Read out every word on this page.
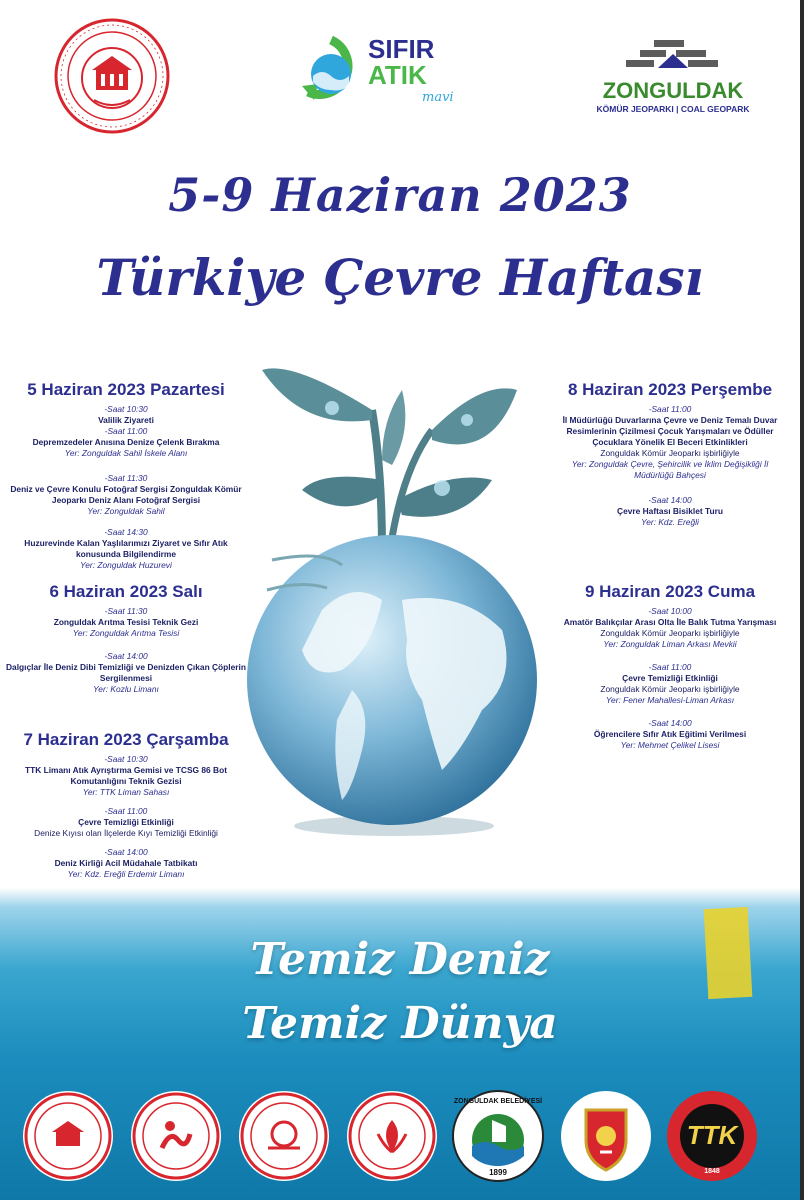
SIFIR
ATIK
mavi	ZONGULDAK
KÖMÜR JEOPARKI | COAL GEOPARK
5-9 Haziran 2023
Türkiye Çevre Haftası
5 Haziran 2023 Pazartesi
-Saat 10:30
Valilik Ziyareti
-Saat 11:00
Depremzedeler Anısına Denize Çelenk Bırakma
Yer: Zonguldak Sahil İskele Alanı
-Saat 11:30
Deniz ve Çevre Konulu Fotoğraf Sergisi Zonguldak Kömür Jeoparkı Deniz Alanı Fotoğraf Sergisi
Yer: Zonguldak Sahil
-Saat 14:30
Huzurevinde Kalan Yaşlılarımızı Ziyaret ve Sıfır Atık konusunda Bilgilendirme
Yer: Zonguldak Huzurevi
6 Haziran 2023 Salı
-Saat 11:30
Zonguldak Arıtma Tesisi Teknik Gezi
Yer: Zonguldak Arıtma Tesisi
-Saat 14:00
Dalgıçlar İle Deniz Dibi Temizliği ve Denizden Çıkan Çöplerin Sergilenmesi
Yer: Kozlu Limanı
7 Haziran 2023 Çarşamba
-Saat 10:30
TTK Limanı Atık Ayrıştırma Gemisi ve TCSG 86 Bot Komutanlığını Teknik Gezisi
Yer: TTK Liman Sahası
-Saat 11:00
Çevre Temizliği Etkinliği
Denize Kıyısı olan İlçelerde Kıyı Temizliği Etkinliği
-Saat 14:00
Deniz Kirliği Acil Müdahale Tatbikatı
Yer: Kdz. Ereğli Erdemir Limanı
8 Haziran 2023 Perşembe
-Saat 11:00
İl Müdürlüğü Duvarlarına Çevre ve Deniz Temalı Duvar Resimlerinin Çizilmesi Çocuk Yarışmaları ve Ödüller Çocuklara Yönelik El Beceri Etkinlikleri
Zonguldak Kömür Jeoparkı işbirliğiyle
Yer: Zonguldak Çevre, Şehircilik ve İklim Değişikliği İl Müdürlüğü Bahçesi
-Saat 14:00
Çevre Haftası Bisiklet Turu
Yer: Kdz. Ereğli
9 Haziran 2023 Cuma
-Saat 10:00
Amatör Balıkçılar Arası Olta İle Balık Tutma Yarışması
Zonguldak Kömür Jeoparkı işbirliğiyle
Yer: Zonguldak Liman Arkası Mevkii
-Saat 11:00
Çevre Temizliği Etkinliği
Zonguldak Kömür Jeoparkı işbirliğiyle
Yer: Fener Mahallesi-Liman Arkası
-Saat 14:00
Öğrencilere Sıfır Atık Eğitimi Verilmesi
Yer: Mehmet Çelikel Lisesi
Temiz Deniz
Temiz Dünya
ZONGULDAK BELEDİYESİ
1899
TTK
1848
